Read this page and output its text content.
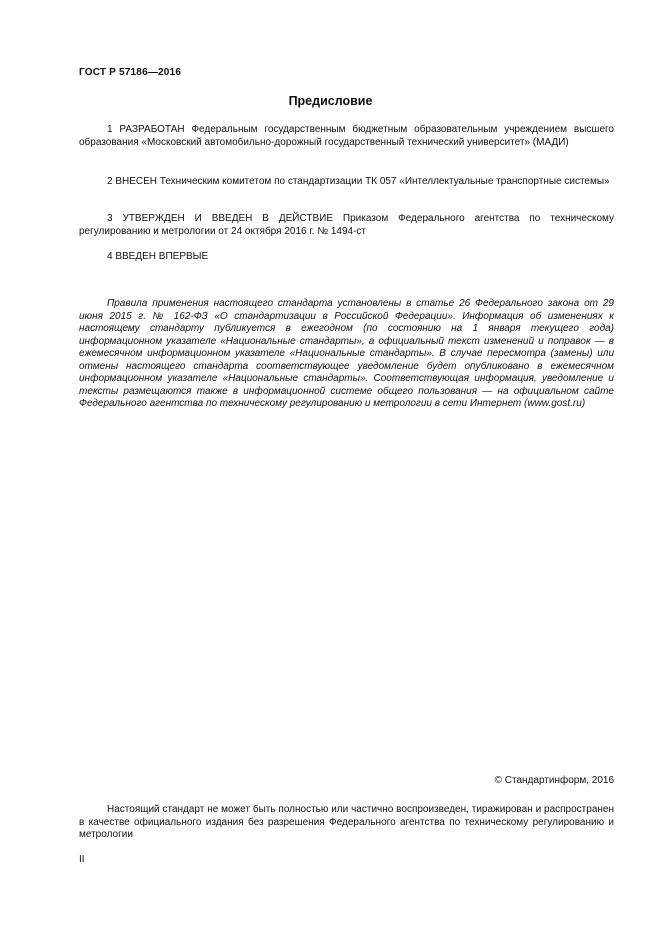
ГОСТ Р 57186—2016
Предисловие

1 РАЗРАБОТАН Федеральным государственным бюджетным образовательным учреждением высшего образования «Московский автомобильно-дорожный государственный технический университет» (МАДИ)

2 ВНЕСЕН Техническим комитетом по стандартизации ТК 057 «Интеллектуальные транспортные системы»

3 УТВЕРЖДЕН И ВВЕДЕН В ДЕЙСТВИЕ Приказом Федерального агентства по техническому регулированию и метрологии от 24 октября 2016 г. № 1494-ст

4 ВВЕДЕН ВПЕРВЫЕ

Правила применения настоящего стандарта установлены в статье 26 Федерального закона от 29 июня 2015 г. № 162-ФЗ «О стандартизации в Российской Федерации». Информация об изменениях к настоящему стандарту публикуется в ежегодном (по состоянию на 1 января текущего года) информационном указателе «Национальные стандарты», а официальный текст изменений и поправок — в ежемесячном информационном указателе «Национальные стандарты». В случае пересмотра (замены) или отмены настоящего стандарта соответствующее уведомление будет опубликовано в ежемесячном информационном указателе «Национальные стандарты». Соответствующая информация, уведомление и тексты размещаются также в информационной системе общего пользования — на официальном сайте Федерального агентства по техническому регулированию и метрологии в сети Интернет (www.gost.ru)

© Стандартинформ, 2016

Настоящий стандарт не может быть полностью или частично воспроизведен, тиражирован и распространен в качестве официального издания без разрешения Федерального агентства по техническому регулированию и метрологии

II
